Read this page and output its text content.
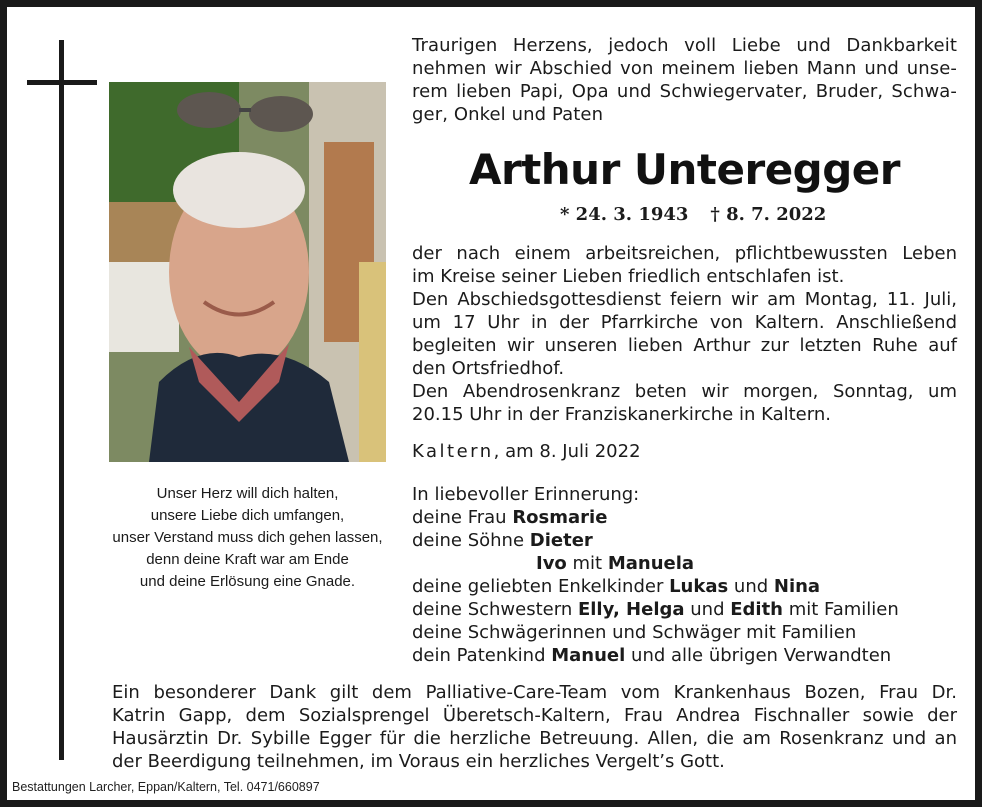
Unser Herz will dich halten,
unsere Liebe dich umfangen,
unser Verstand muss dich gehen lassen,
denn deine Kraft war am Ende
und deine Erlösung eine Gnade.
Traurigen Herzens, jedoch voll Liebe und Dankbarkeit
nehmen wir Abschied von meinem lieben Mann und unse-
rem lieben Papi, Opa und Schwiegervater, Bruder, Schwa-
ger, Onkel und Paten
Arthur Unteregger
* 24. 3. 1943 † 8. 7. 2022
der nach einem arbeitsreichen, pflichtbewussten Leben
im Kreise seiner Lieben friedlich entschlafen ist.
Den Abschiedsgottesdienst feiern wir am Montag, 11. Juli,
um 17 Uhr in der Pfarrkirche von Kaltern. Anschließend
begleiten wir unseren lieben Arthur zur letzten Ruhe auf
den Ortsfriedhof.
Den Abendrosenkranz beten wir morgen, Sonntag, um
20.15 Uhr in der Franziskanerkirche in Kaltern.
Kaltern, am 8. Juli 2022
In liebevoller Erinnerung:
deine Frau Rosmarie
deine Söhne Dieter
Ivo mit Manuela
deine geliebten Enkelkinder Lukas und Nina
deine Schwestern Elly, Helga und Edith mit Familien
deine Schwägerinnen und Schwäger mit Familien
dein Patenkind Manuel und alle übrigen Verwandten
Ein besonderer Dank gilt dem Palliative-Care-Team vom Krankenhaus Bozen, Frau Dr.
Katrin Gapp, dem Sozialsprengel Überetsch-Kaltern, Frau Andrea Fischnaller sowie der
Hausärztin Dr. Sybille Egger für die herzliche Betreuung. Allen, die am Rosenkranz und an
der Beerdigung teilnehmen, im Voraus ein herzliches Vergelt’s Gott.
Bestattungen Larcher, Eppan/Kaltern, Tel. 0471/660897
